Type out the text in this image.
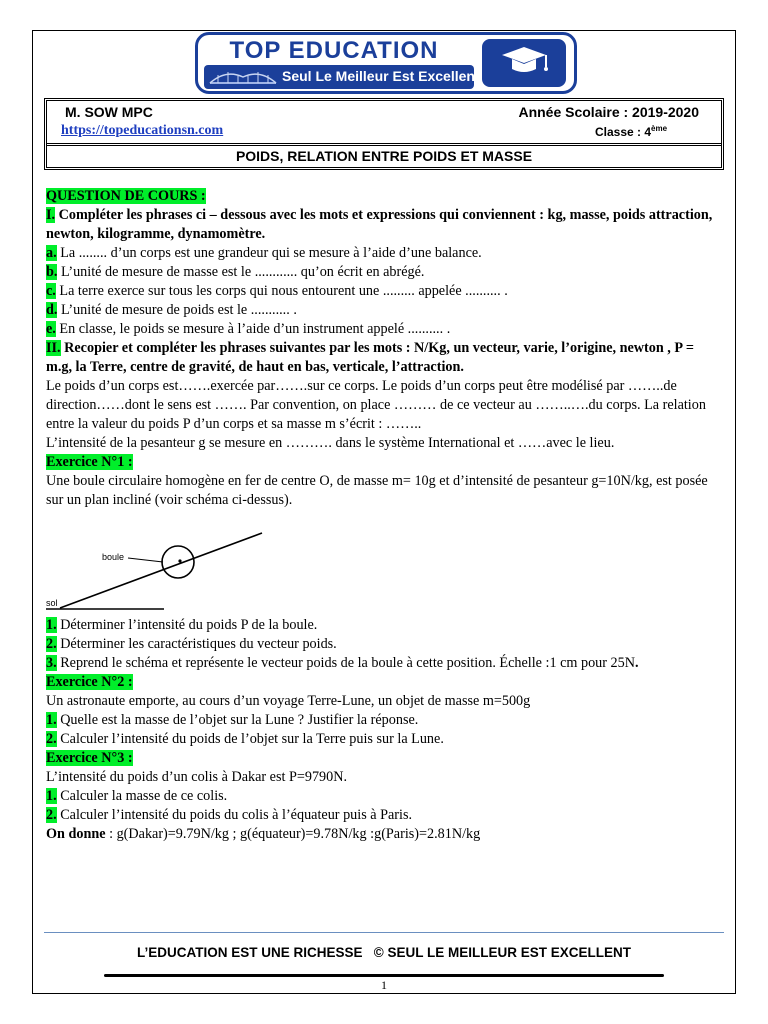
TOP EDUCATION
Seul Le Meilleur Est Excellent
M. SOW MPC	Année Scolaire : 2019-2020
https://topeducationsn.com	Classe : 4ème
POIDS, RELATION ENTRE POIDS ET MASSE

QUESTION DE COURS :

I. Compléter les phrases ci – dessous avec les mots et expressions qui conviennent : kg, masse, poids attraction, newton, kilogramme, dynamomètre.

a. La ........ d’un corps est une grandeur qui se mesure à l’aide d’une balance.

b. L’unité de mesure de masse est le ............ qu’on écrit en abrégé.

c. La terre exerce sur tous les corps qui nous entourent une ......... appelée .......... .

d. L’unité de mesure de poids est le ........... .

e. En classe, le poids se mesure à l’aide d’un instrument appelé .......... .

II. Recopier et compléter les phrases suivantes par les mots : N/Kg, un vecteur, varie, l’origine, newton , P = m.g, la Terre, centre de gravité, de haut en bas, verticale, l’attraction.

Le poids d’un corps est…….exercée par…….sur ce corps. Le poids d’un corps peut être modélisé par ……..de direction……dont le sens est ……. Par convention, on place ……… de ce vecteur au ……..….du corps. La relation entre la valeur du poids P d’un corps et sa masse m s’écrit : ……..

L’intensité de la pesanteur g se mesure en ………. dans le système International et ……avec le lieu.

Exercice N°1 :

Une boule circulaire homogène en fer de centre O, de masse m= 10g et d’intensité de pesanteur g=10N/kg, est posée sur un plan incliné (voir schéma ci-dessus).

boule
sol

1. Déterminer l’intensité du poids P de la boule.

2. Déterminer les caractéristiques du vecteur poids.

3. Reprend le schéma et représente le vecteur poids de la boule à cette position. Échelle :1 cm pour 25N.

Exercice N°2 :

Un astronaute emporte, au cours d’un voyage Terre-Lune, un objet de masse m=500g

1. Quelle est la masse de l’objet sur la Lune ? Justifier la réponse.

2. Calculer l’intensité du poids de l’objet sur la Terre puis sur la Lune.

Exercice N°3 :

L’intensité du poids d’un colis à Dakar est P=9790N.

1. Calculer la masse de ce colis.

2. Calculer l’intensité du poids du colis à l’équateur puis à Paris.

On donne : g(Dakar)=9.79N/kg ; g(équateur)=9.78N/kg :g(Paris)=2.81N/kg

L’EDUCATION EST UNE RICHESSE   © SEUL LE MEILLEUR EST EXCELLENT
1
